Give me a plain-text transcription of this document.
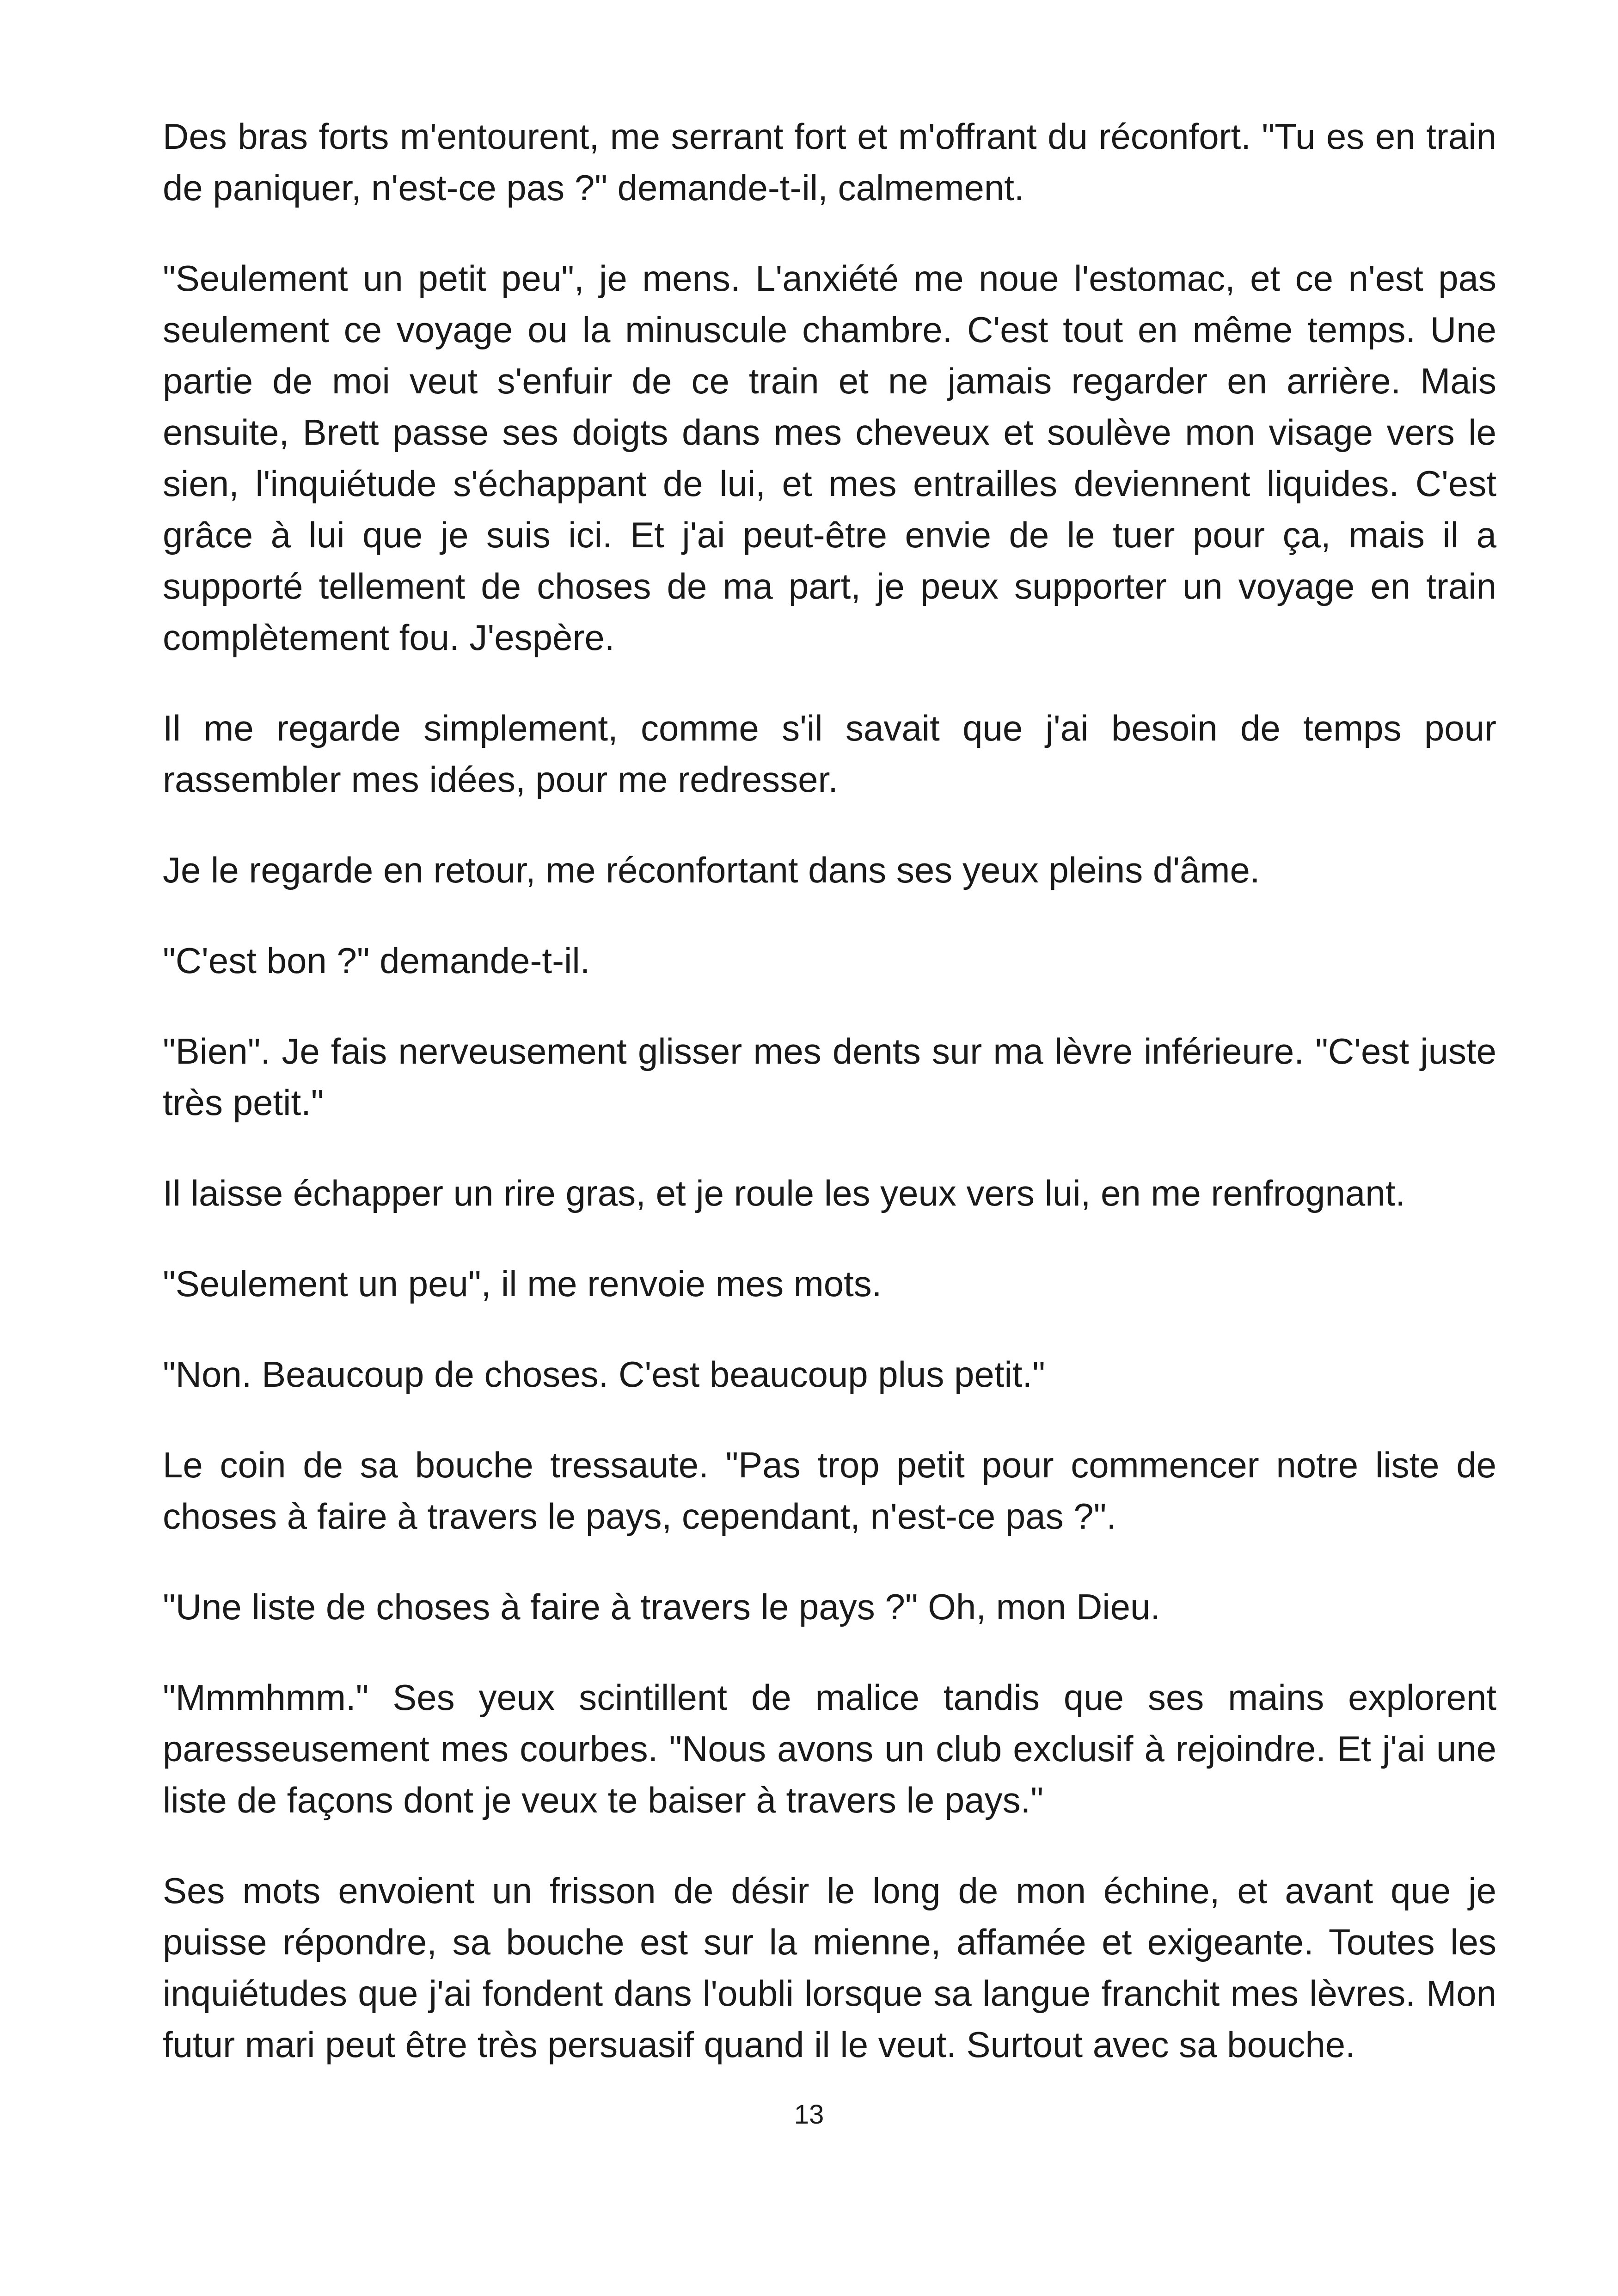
Des bras forts m'entourent, me serrant fort et m'offrant du réconfort. "Tu es en train de paniquer, n'est-ce pas ?" demande-t-il, calmement.

"Seulement un petit peu", je mens. L'anxiété me noue l'estomac, et ce n'est pas seulement ce voyage ou la minuscule chambre. C'est tout en même temps. Une partie de moi veut s'enfuir de ce train et ne jamais regarder en arrière. Mais ensuite, Brett passe ses doigts dans mes cheveux et soulève mon visage vers le sien, l'inquiétude s'échappant de lui, et mes entrailles deviennent liquides. C'est grâce à lui que je suis ici. Et j'ai peut-être envie de le tuer pour ça, mais il a supporté tellement de choses de ma part, je peux supporter un voyage en train complètement fou. J'espère.

Il me regarde simplement, comme s'il savait que j'ai besoin de temps pour rassembler mes idées, pour me redresser.

Je le regarde en retour, me réconfortant dans ses yeux pleins d'âme.

"C'est bon ?" demande-t-il.

"Bien". Je fais nerveusement glisser mes dents sur ma lèvre inférieure. "C'est juste très petit."

Il laisse échapper un rire gras, et je roule les yeux vers lui, en me renfrognant.

"Seulement un peu", il me renvoie mes mots.

"Non. Beaucoup de choses. C'est beaucoup plus petit."

Le coin de sa bouche tressaute. "Pas trop petit pour commencer notre liste de choses à faire à travers le pays, cependant, n'est-ce pas ?".

"Une liste de choses à faire à travers le pays ?" Oh, mon Dieu.

"Mmmhmm." Ses yeux scintillent de malice tandis que ses mains explorent paresseusement mes courbes. "Nous avons un club exclusif à rejoindre. Et j'ai une liste de façons dont je veux te baiser à travers le pays."

Ses mots envoient un frisson de désir le long de mon échine, et avant que je puisse répondre, sa bouche est sur la mienne, affamée et exigeante. Toutes les inquiétudes que j'ai fondent dans l'oubli lorsque sa langue franchit mes lèvres. Mon futur mari peut être très persuasif quand il le veut. Surtout avec sa bouche.

13
